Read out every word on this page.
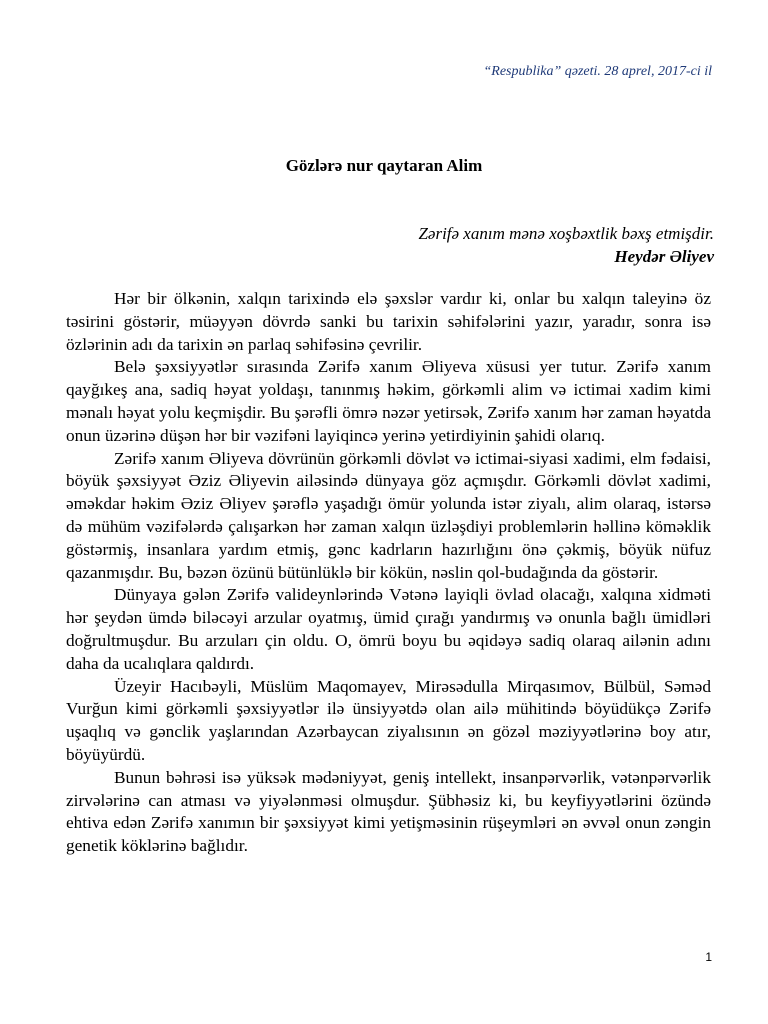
“Respublika” qəzeti. 28 aprel, 2017-ci il
Gözlərə nur qaytaran Alim
Zərifə xanım mənə xoşbəxtlik bəxş etmişdir.
Heydər Əliyev

Hər bir ölkənin, xalqın tarixində elə şəxslər vardır ki, onlar bu xalqın taleyinə öz təsirini göstərir, müəyyən dövrdə sanki bu tarixin səhifələrini yazır, yaradır, sonra isə özlərinin adı da tarixin ən parlaq səhifəsinə çevrilir.

Belə şəxsiyyətlər sırasında Zərifə xanım Əliyeva xüsusi yer tutur. Zərifə xanım qayğıkeş ana, sadiq həyat yoldaşı, tanınmış həkim, görkəmli alim və ictimai xadim kimi mənalı həyat yolu keçmişdir. Bu şərəfli ömrə nəzər yetirsək, Zərifə xanım hər zaman həyatda onun üzərinə düşən hər bir vəzifəni layiqincə yerinə yetirdiyinin şahidi olarıq.

Zərifə xanım Əliyeva dövrünün görkəmli dövlət və ictimai-siyasi xadimi, elm fədaisi, böyük şəxsiyyət Əziz Əliyevin ailəsində dünyaya göz açmışdır. Görkəmli dövlət xadimi, əməkdar həkim Əziz Əliyev şərəflə yaşadığı ömür yolunda istər ziyalı, alim olaraq, istərsə də mühüm vəzifələrdə çalışarkən hər zaman xalqın üzləşdiyi problemlərin həllinə köməklik göstərmiş, insanlara yardım etmiş, gənc kadrların hazırlığını önə çəkmiş, böyük nüfuz qazanmışdır. Bu, bəzən özünü bütünlüklə bir kökün, nəslin qol-budağında da göstərir.

Dünyaya gələn Zərifə valideynlərində Vətənə layiqli övlad olacağı, xalqına xidməti hər şeydən ümdə biləcəyi arzular oyatmış, ümid çırağı yandırmış və onunla bağlı ümidləri doğrultmuşdur. Bu arzuları çin oldu. O, ömrü boyu bu əqidəyə sadiq olaraq ailənin adını daha da ucalıqlara qaldırdı.

Üzeyir Hacıbəyli, Müslüm Maqomayev, Mirəsədulla Mirqasımov, Bülbül, Səməd Vurğun kimi görkəmli şəxsiyyətlər ilə ünsiyyətdə olan ailə mühitində böyüdükçə Zərifə uşaqlıq və gənclik yaşlarından Azərbaycan ziyalısının ən gözəl məziyyətlərinə boy atır, böyüyürdü.

Bunun bəhrəsi isə yüksək mədəniyyət, geniş intellekt, insanpərvərlik, vətənpərvərlik zirvələrinə can atması və yiyələnməsi olmuşdur. Şübhəsiz ki, bu keyfiyyətlərini özündə ehtiva edən Zərifə xanımın bir şəxsiyyət kimi yetişməsinin rüşeymləri ən əvvəl onun zəngin genetik köklərinə bağlıdır.

1
